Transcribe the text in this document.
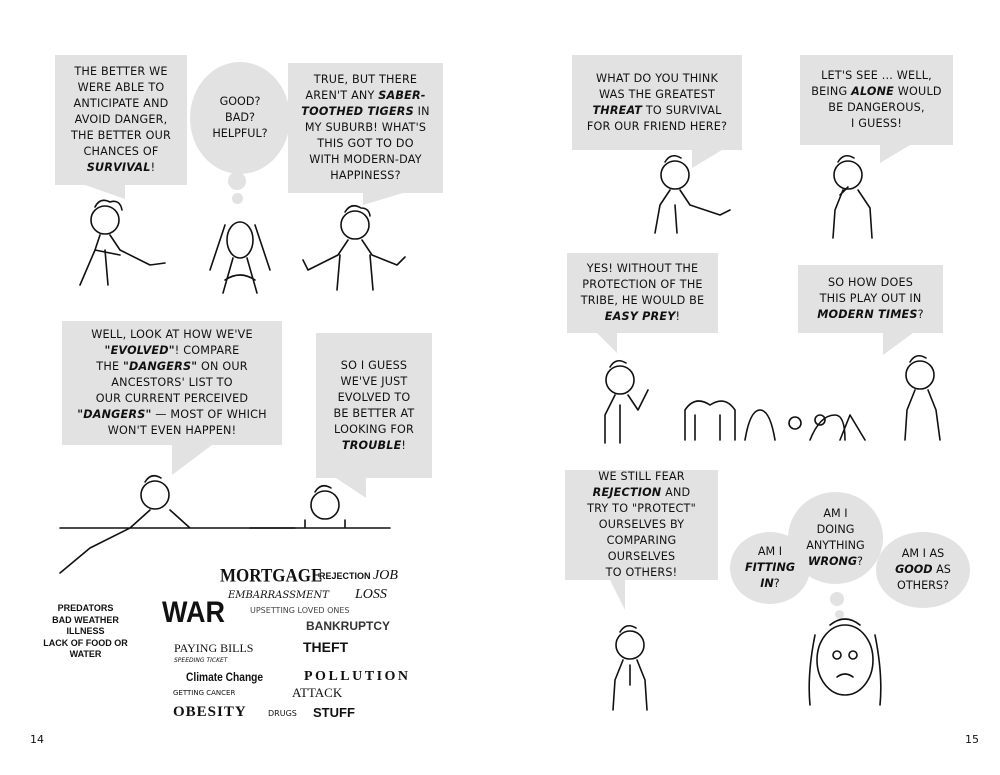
THE BETTER WE
WERE ABLE TO
ANTICIPATE AND
AVOID DANGER,
THE BETTER OUR
CHANCES OF
SURVIVAL!
GOOD?
BAD?
HELPFUL?
TRUE, BUT THERE
AREN'T ANY SABER-
TOOTHED TIGERS IN
MY SUBURB! WHAT'S
THIS GOT TO DO
WITH MODERN-DAY
HAPPINESS?
WELL, LOOK AT HOW WE'VE
"EVOLVED"! COMPARE
THE "DANGERS" ON OUR
ANCESTORS' LIST TO
OUR CURRENT PERCEIVED
"DANGERS" — MOST OF WHICH
WON'T EVEN HAPPEN!
SO I GUESS
WE'VE JUST
EVOLVED TO
BE BETTER AT
LOOKING FOR
TROUBLE!
PREDATORS
BAD WEATHER
ILLNESS
LACK OF FOOD OR
WATER
MORTGAGE
REJECTION JOB
EMBARRASSMENT LOSS
WAR	UPSETTING LOVED ONES
BANKRUPTCY
PAYING BILLS	THEFT
SPEEDING TICKET
Climate Change	POLLUTION
GETTING CANCER	ATTACK
OBESITY	DRUGS STUFF
14
WHAT DO YOU THINK
WAS THE GREATEST
THREAT TO SURVIVAL
FOR OUR FRIEND HERE?
LET'S SEE ... WELL,
BEING ALONE WOULD
BE DANGEROUS,
I GUESS!
YES! WITHOUT THE
PROTECTION OF THE
TRIBE, HE WOULD BE
EASY PREY!
SO HOW DOES
THIS PLAY OUT IN
MODERN TIMES?
WE STILL FEAR
REJECTION AND
TRY TO "PROTECT"
OURSELVES BY
COMPARING OURSELVES
TO OTHERS!
AM I
FITTING
IN?
AM I
DOING
ANYTHING
WRONG?
AM I AS
GOOD AS
OTHERS?
15
